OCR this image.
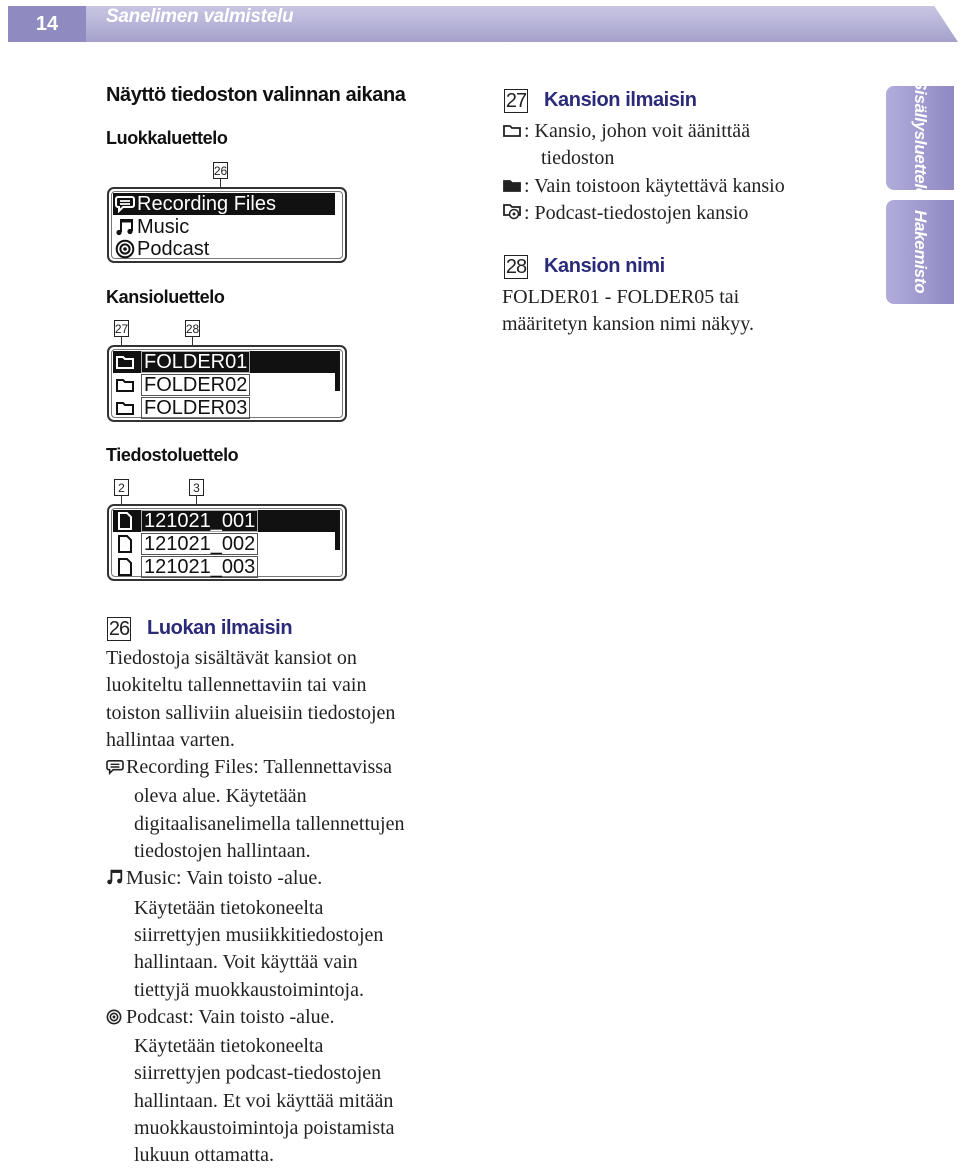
14	Sanelimen valmistelu
Sisällysluettelo
Hakemisto
Näyttö tiedoston valinnan aikana
Luokkaluettelo
26
Recording Files
Music
Podcast
Kansioluettelo
27	28
FOLDER01
FOLDER02
FOLDER03
Tiedostoluettelo
2	3
121021_001
121021_002
121021_003
27 Kansion ilmaisin
: Kansio, johon voit äänittää
tiedoston
: Vain toistoon käytettävä kansio
: Podcast-tiedostojen kansio
28 Kansion nimi
FOLDER01 - FOLDER05 tai
määritetyn kansion nimi näkyy.
26 Luokan ilmaisin
Tiedostoja sisältävät kansiot on
luokiteltu tallennettaviin tai vain
toiston salliviin alueisiin tiedostojen
hallintaa varten.
Recording Files: Tallennettavissa
oleva alue. Käytetään
digitaalisanelimella tallennettujen
tiedostojen hallintaan.
Music: Vain toisto -alue.
Käytetään tietokoneelta
siirrettyjen musiikkitiedostojen
hallintaan. Voit käyttää vain
tiettyjä muokkaustoimintoja.
Podcast: Vain toisto -alue.
Käytetään tietokoneelta
siirrettyjen podcast-tiedostojen
hallintaan. Et voi käyttää mitään
muokkaustoimintoja poistamista
lukuun ottamatta.
